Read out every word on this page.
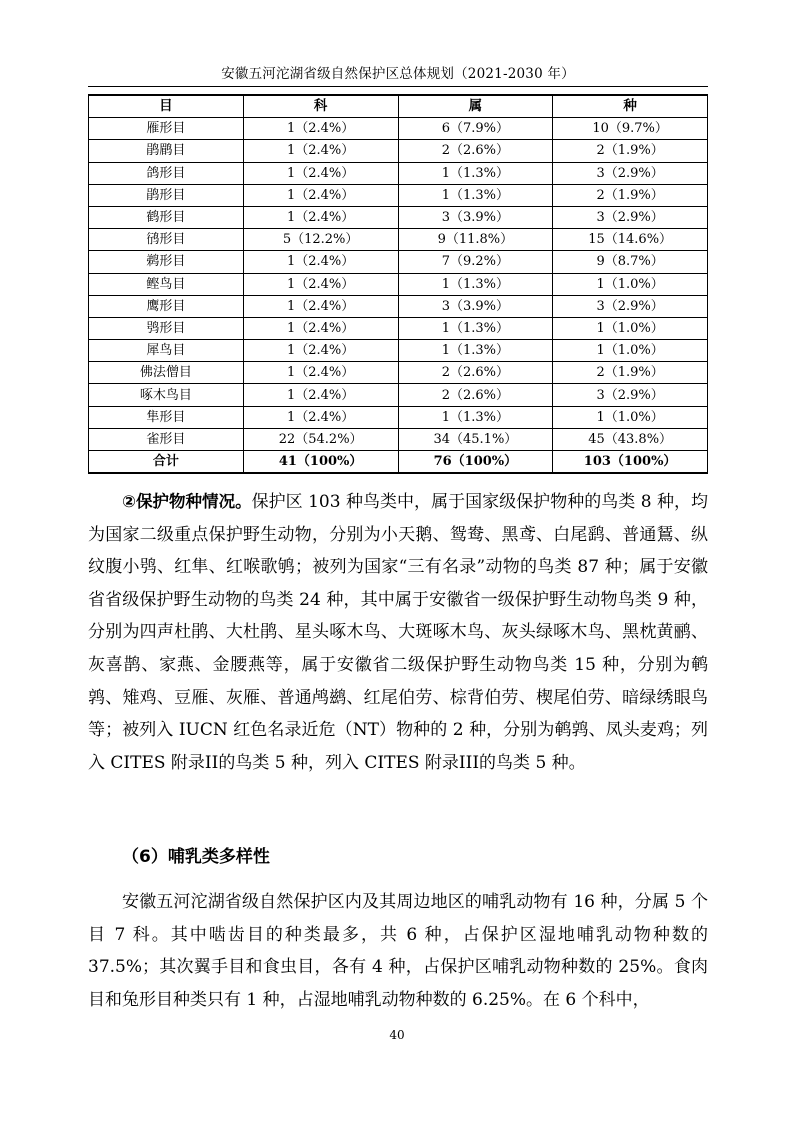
安徽五河沱湖省级自然保护区总体规划（2021-2030 年）
目	科	属	种
雁形目	1（2.4%）	6（7.9%）	10（9.7%）
鹃鹛目	1（2.4%）	2（2.6%）	2（1.9%）
鸽形目	1（2.4%）	1（1.3%）	3（2.9%）
鹃形目	1（2.4%）	1（1.3%）	2（1.9%）
鹤形目	1（2.4%）	3（3.9%）	3（2.9%）
鸻形目	5（12.2%）	9（11.8%）	15（14.6%）
鹈形目	1（2.4%）	7（9.2%）	9（8.7%）
鲣鸟目	1（2.4%）	1（1.3%）	1（1.0%）
鹰形目	1（2.4%）	3（3.9%）	3（2.9%）
鸮形目	1（2.4%）	1（1.3%）	1（1.0%）
犀鸟目	1（2.4%）	1（1.3%）	1（1.0%）
佛法僧目	1（2.4%）	2（2.6%）	2（1.9%）
啄木鸟目	1（2.4%）	2（2.6%）	3（2.9%）
隼形目	1（2.4%）	1（1.3%）	1（1.0%）
雀形目	22（54.2%）	34（45.1%）	45（43.8%）
合计	41（100%）	76（100%）	103（100%）
②保护物种情况。保护区 103 种鸟类中，属于国家级保护物种的鸟类 8 种，均为国家二级重点保护野生动物，分别为小天鹅、鸳鸯、黑鸢、白尾鹞、普通鵟、纵纹腹小鸮、红隼、红喉歌鸲；被列为国家“三有名录”动物的鸟类 87 种；属于安徽省省级保护野生动物的鸟类 24 种，其中属于安徽省一级保护野生动物鸟类 9 种，分别为四声杜鹃、大杜鹃、星头啄木鸟、大斑啄木鸟、灰头绿啄木鸟、黑枕黄鹂、灰喜鹊、家燕、金腰燕等，属于安徽省二级保护野生动物鸟类 15 种，分别为鹌鹑、雉鸡、豆雁、灰雁、普通鸬鹚、红尾伯劳、棕背伯劳、楔尾伯劳、暗绿绣眼鸟等；被列入 IUCN 红色名录近危（NT）物种的 2 种，分别为鹌鹑、凤头麦鸡；列入 CITES 附录II的鸟类 5 种，列入 CITES 附录III的鸟类 5 种。
（6）哺乳类多样性
安徽五河沱湖省级自然保护区内及其周边地区的哺乳动物有 16 种，分属 5 个目 7 科。其中啮齿目的种类最多，共 6 种，占保护区湿地哺乳动物种数的 37.5%；其次翼手目和食虫目，各有 4 种，占保护区哺乳动物种数的 25%。食肉目和兔形目种类只有 1 种，占湿地哺乳动物种数的 6.25%。在 6 个科中，
40
